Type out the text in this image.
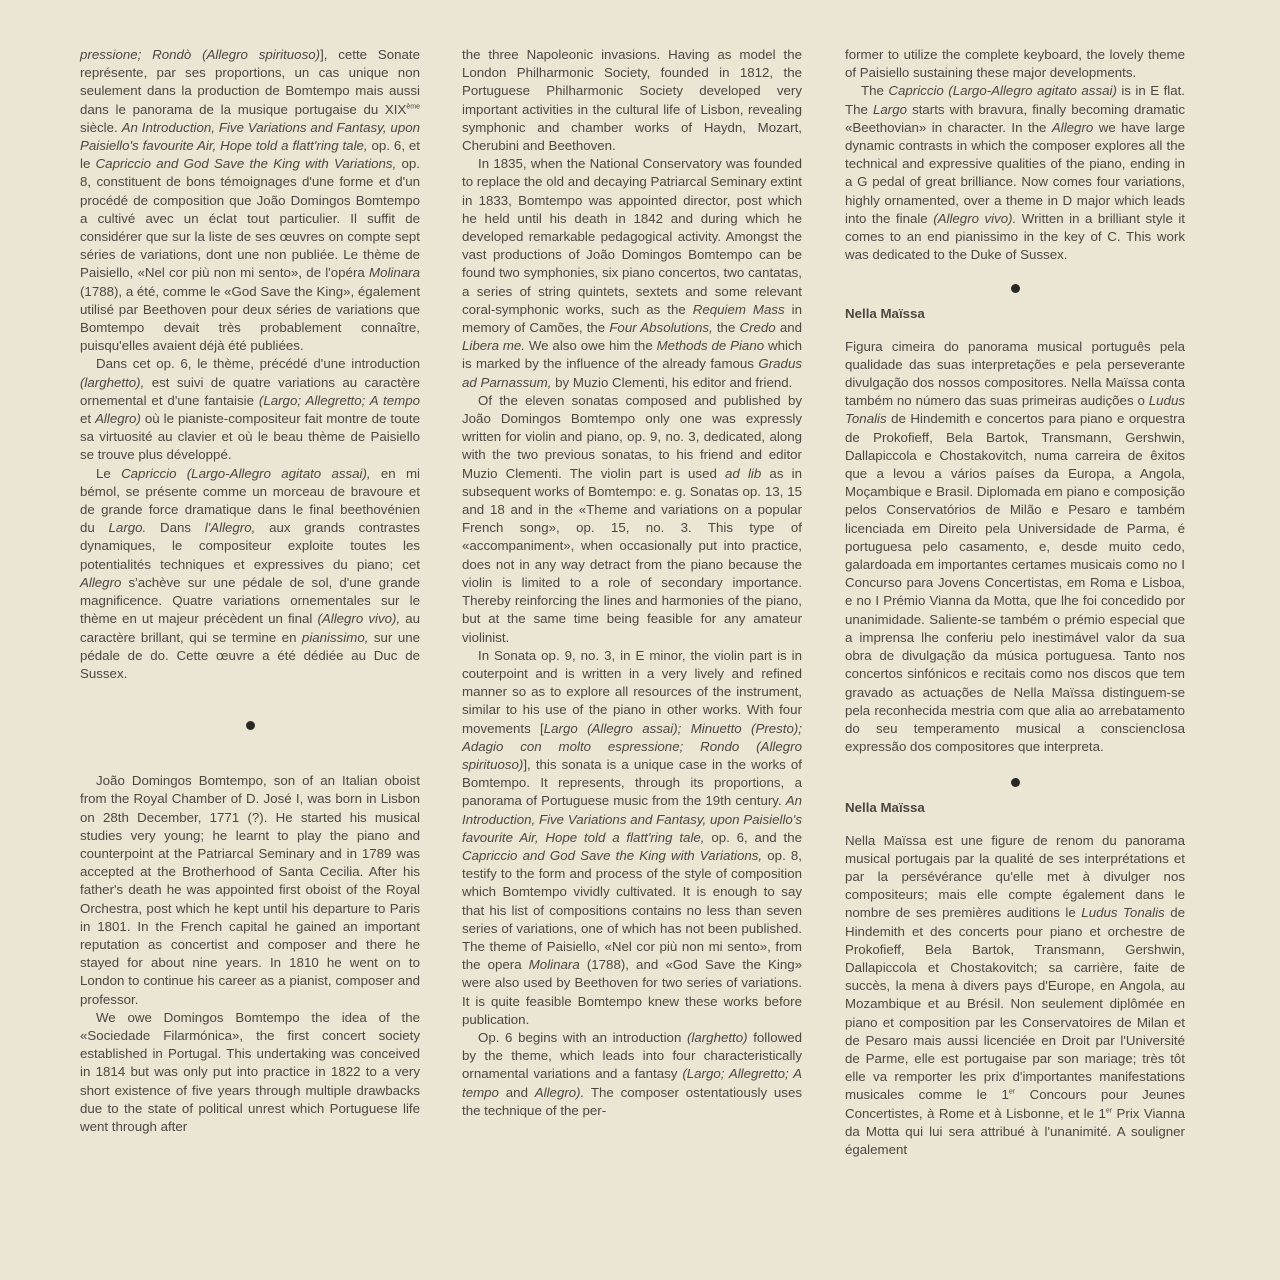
pressione; Rondò (Allegro spirituoso)], cette Sonate représente, par ses proportions, un cas unique non seulement dans la production de Bomtempo mais aussi dans le panorama de la musique portugaise du XIXème siècle. An Introduction, Five Variations and Fantasy, upon Paisiello's favourite Air, Hope told a flatt'ring tale, op. 6, et le Capriccio and God Save the King with Variations, op. 8, constituent de bons témoignages d'une forme et d'un procédé de composition que João Domingos Bomtempo a cultivé avec un éclat tout particulier. Il suffit de considérer que sur la liste de ses œuvres on compte sept séries de variations, dont une non publiée. Le thème de Paisiello, «Nel cor più non mi sento», de l'opéra Molinara (1788), a été, comme le «God Save the King», également utilisé par Beethoven pour deux séries de variations que Bomtempo devait très probablement connaître, puisqu'elles avaient déjà été publiées.

Dans cet op. 6, le thème, précédé d'une introduction (larghetto), est suivi de quatre variations au caractère ornemental et d'une fantaisie (Largo; Allegretto; A tempo et Allegro) où le pianiste-compositeur fait montre de toute sa virtuosité au clavier et où le beau thème de Paisiello se trouve plus développé.

Le Capriccio (Largo-Allegro agitato assai), en mi bémol, se présente comme un morceau de bravoure et de grande force dramatique dans le final beethovénien du Largo. Dans l'Allegro, aux grands contrastes dynamiques, le compositeur exploite toutes les potentialités techniques et expressives du piano; cet Allegro s'achève sur une pédale de sol, d'une grande magnificence. Quatre variations ornementales sur le thème en ut majeur précèdent un final (Allegro vivo), au caractère brillant, qui se termine en pianissimo, sur une pédale de do. Cette œuvre a été dédiée au Duc de Sussex.

João Domingos Bomtempo, son of an Italian oboist from the Royal Chamber of D. José I, was born in Lisbon on 28th December, 1771 (?). He started his musical studies very young; he learnt to play the piano and counterpoint at the Patriarcal Seminary and in 1789 was accepted at the Brotherhood of Santa Cecilia. After his father's death he was appointed first oboist of the Royal Orchestra, post which he kept until his departure to Paris in 1801. In the French capital he gained an important reputation as concertist and composer and there he stayed for about nine years. In 1810 he went on to London to continue his career as a pianist, composer and professor.

We owe Domingos Bomtempo the idea of the «Sociedade Filarmónica», the first concert society established in Portugal. This undertaking was conceived in 1814 but was only put into practice in 1822 to a very short existence of five years through multiple drawbacks due to the state of political unrest which Portuguese life went through after

the three Napoleonic invasions. Having as model the London Philharmonic Society, founded in 1812, the Portuguese Philharmonic Society developed very important activities in the cultural life of Lisbon, revealing symphonic and chamber works of Haydn, Mozart, Cherubini and Beethoven.

In 1835, when the National Conservatory was founded to replace the old and decaying Patriarcal Seminary extint in 1833, Bomtempo was appointed director, post which he held until his death in 1842 and during which he developed remarkable pedagogical activity. Amongst the vast productions of João Domingos Bomtempo can be found two symphonies, six piano concertos, two cantatas, a series of string quintets, sextets and some relevant coral-symphonic works, such as the Requiem Mass in memory of Camões, the Four Absolutions, the Credo and Libera me. We also owe him the Methods de Piano which is marked by the influence of the already famous Gradus ad Parnassum, by Muzio Clementi, his editor and friend.

Of the eleven sonatas composed and published by João Domingos Bomtempo only one was expressly written for violin and piano, op. 9, no. 3, dedicated, along with the two previous sonatas, to his friend and editor Muzio Clementi. The violin part is used ad lib as in subsequent works of Bomtempo: e. g. Sonatas op. 13, 15 and 18 and in the «Theme and variations on a popular French song», op. 15, no. 3. This type of «accompaniment», when occasionally put into practice, does not in any way detract from the piano because the violin is limited to a role of secondary importance. Thereby reinforcing the lines and harmonies of the piano, but at the same time being feasible for any amateur violinist.

In Sonata op. 9, no. 3, in E minor, the violin part is in couterpoint and is written in a very lively and refined manner so as to explore all resources of the instrument, similar to his use of the piano in other works. With four movements [Largo (Allegro assai); Minuetto (Presto); Adagio con molto espressione; Rondo (Allegro spirituoso)], this sonata is a unique case in the works of Bomtempo. It represents, through its proportions, a panorama of Portuguese music from the 19th century. An Introduction, Five Variations and Fantasy, upon Paisiello's favourite Air, Hope told a flatt'ring tale, op. 6, and the Capriccio and God Save the King with Variations, op. 8, testify to the form and process of the style of composition which Bomtempo vividly cultivated. It is enough to say that his list of compositions contains no less than seven series of variations, one of which has not been published. The theme of Paisiello, «Nel cor più non mi sento», from the opera Molinara (1788), and «God Save the King» were also used by Beethoven for two series of variations. It is quite feasible Bomtempo knew these works before publication.

Op. 6 begins with an introduction (larghetto) followed by the theme, which leads into four characteristically ornamental variations and a fantasy (Largo; Allegretto; A tempo and Allegro). The composer ostentatiously uses the technique of the per-

former to utilize the complete keyboard, the lovely theme of Paisiello sustaining these major developments.

The Capriccio (Largo-Allegro agitato assai) is in E flat. The Largo starts with bravura, finally becoming dramatic «Beethovian» in character. In the Allegro we have large dynamic contrasts in which the composer explores all the technical and expressive qualities of the piano, ending in a G pedal of great brilliance. Now comes four variations, highly ornamented, over a theme in D major which leads into the finale (Allegro vivo). Written in a brilliant style it comes to an end pianissimo in the key of C. This work was dedicated to the Duke of Sussex.

Nella Maïssa

Figura cimeira do panorama musical português pela qualidade das suas interpretações e pela perseverante divulgação dos nossos compositores. Nella Maïssa conta também no número das suas primeiras audições o Ludus Tonalis de Hindemith e concertos para piano e orquestra de Prokofieff, Bela Bartok, Transmann, Gershwin, Dallapiccola e Chostakovitch, numa carreira de êxitos que a levou a vários países da Europa, a Angola, Moçambique e Brasil. Diplomada em piano e composição pelos Conservatórios de Milão e Pesaro e também licenciada em Direito pela Universidade de Parma, é portuguesa pelo casamento, e, desde muito cedo, galardoada em importantes certames musicais como no I Concurso para Jovens Concertistas, em Roma e Lisboa, e no I Prémio Vianna da Motta, que lhe foi concedido por unanimidade. Saliente-se também o prémio especial que a imprensa lhe conferiu pelo inestimável valor da sua obra de divulgação da música portuguesa. Tanto nos concertos sinfónicos e recitais como nos discos que tem gravado as actuações de Nella Maïssa distinguem-se pela reconhecida mestria com que alia ao arrebatamento do seu temperamento musical a consciencIosa expressão dos compositores que interpreta.

Nella Maïssa

Nella Maïssa est une figure de renom du panorama musical portugais par la qualité de ses interprétations et par la persévérance qu'elle met à divulger nos compositeurs; mais elle compte également dans le nombre de ses premières auditions le Ludus Tonalis de Hindemith et des concerts pour piano et orchestre de Prokofieff, Bela Bartok, Transmann, Gershwin, Dallapiccola et Chostakovitch; sa carrière, faite de succès, la mena à divers pays d'Europe, en Angola, au Mozambique et au Brésil. Non seulement diplômée en piano et composition par les Conservatoires de Milan et de Pesaro mais aussi licenciée en Droit par l'Université de Parme, elle est portugaise par son mariage; très tôt elle va remporter les prix d'importantes manifestations musicales comme le 1er Concours pour Jeunes Concertistes, à Rome et à Lisbonne, et le 1er Prix Vianna da Motta qui lui sera attribué à l'unanimité. A souligner également
